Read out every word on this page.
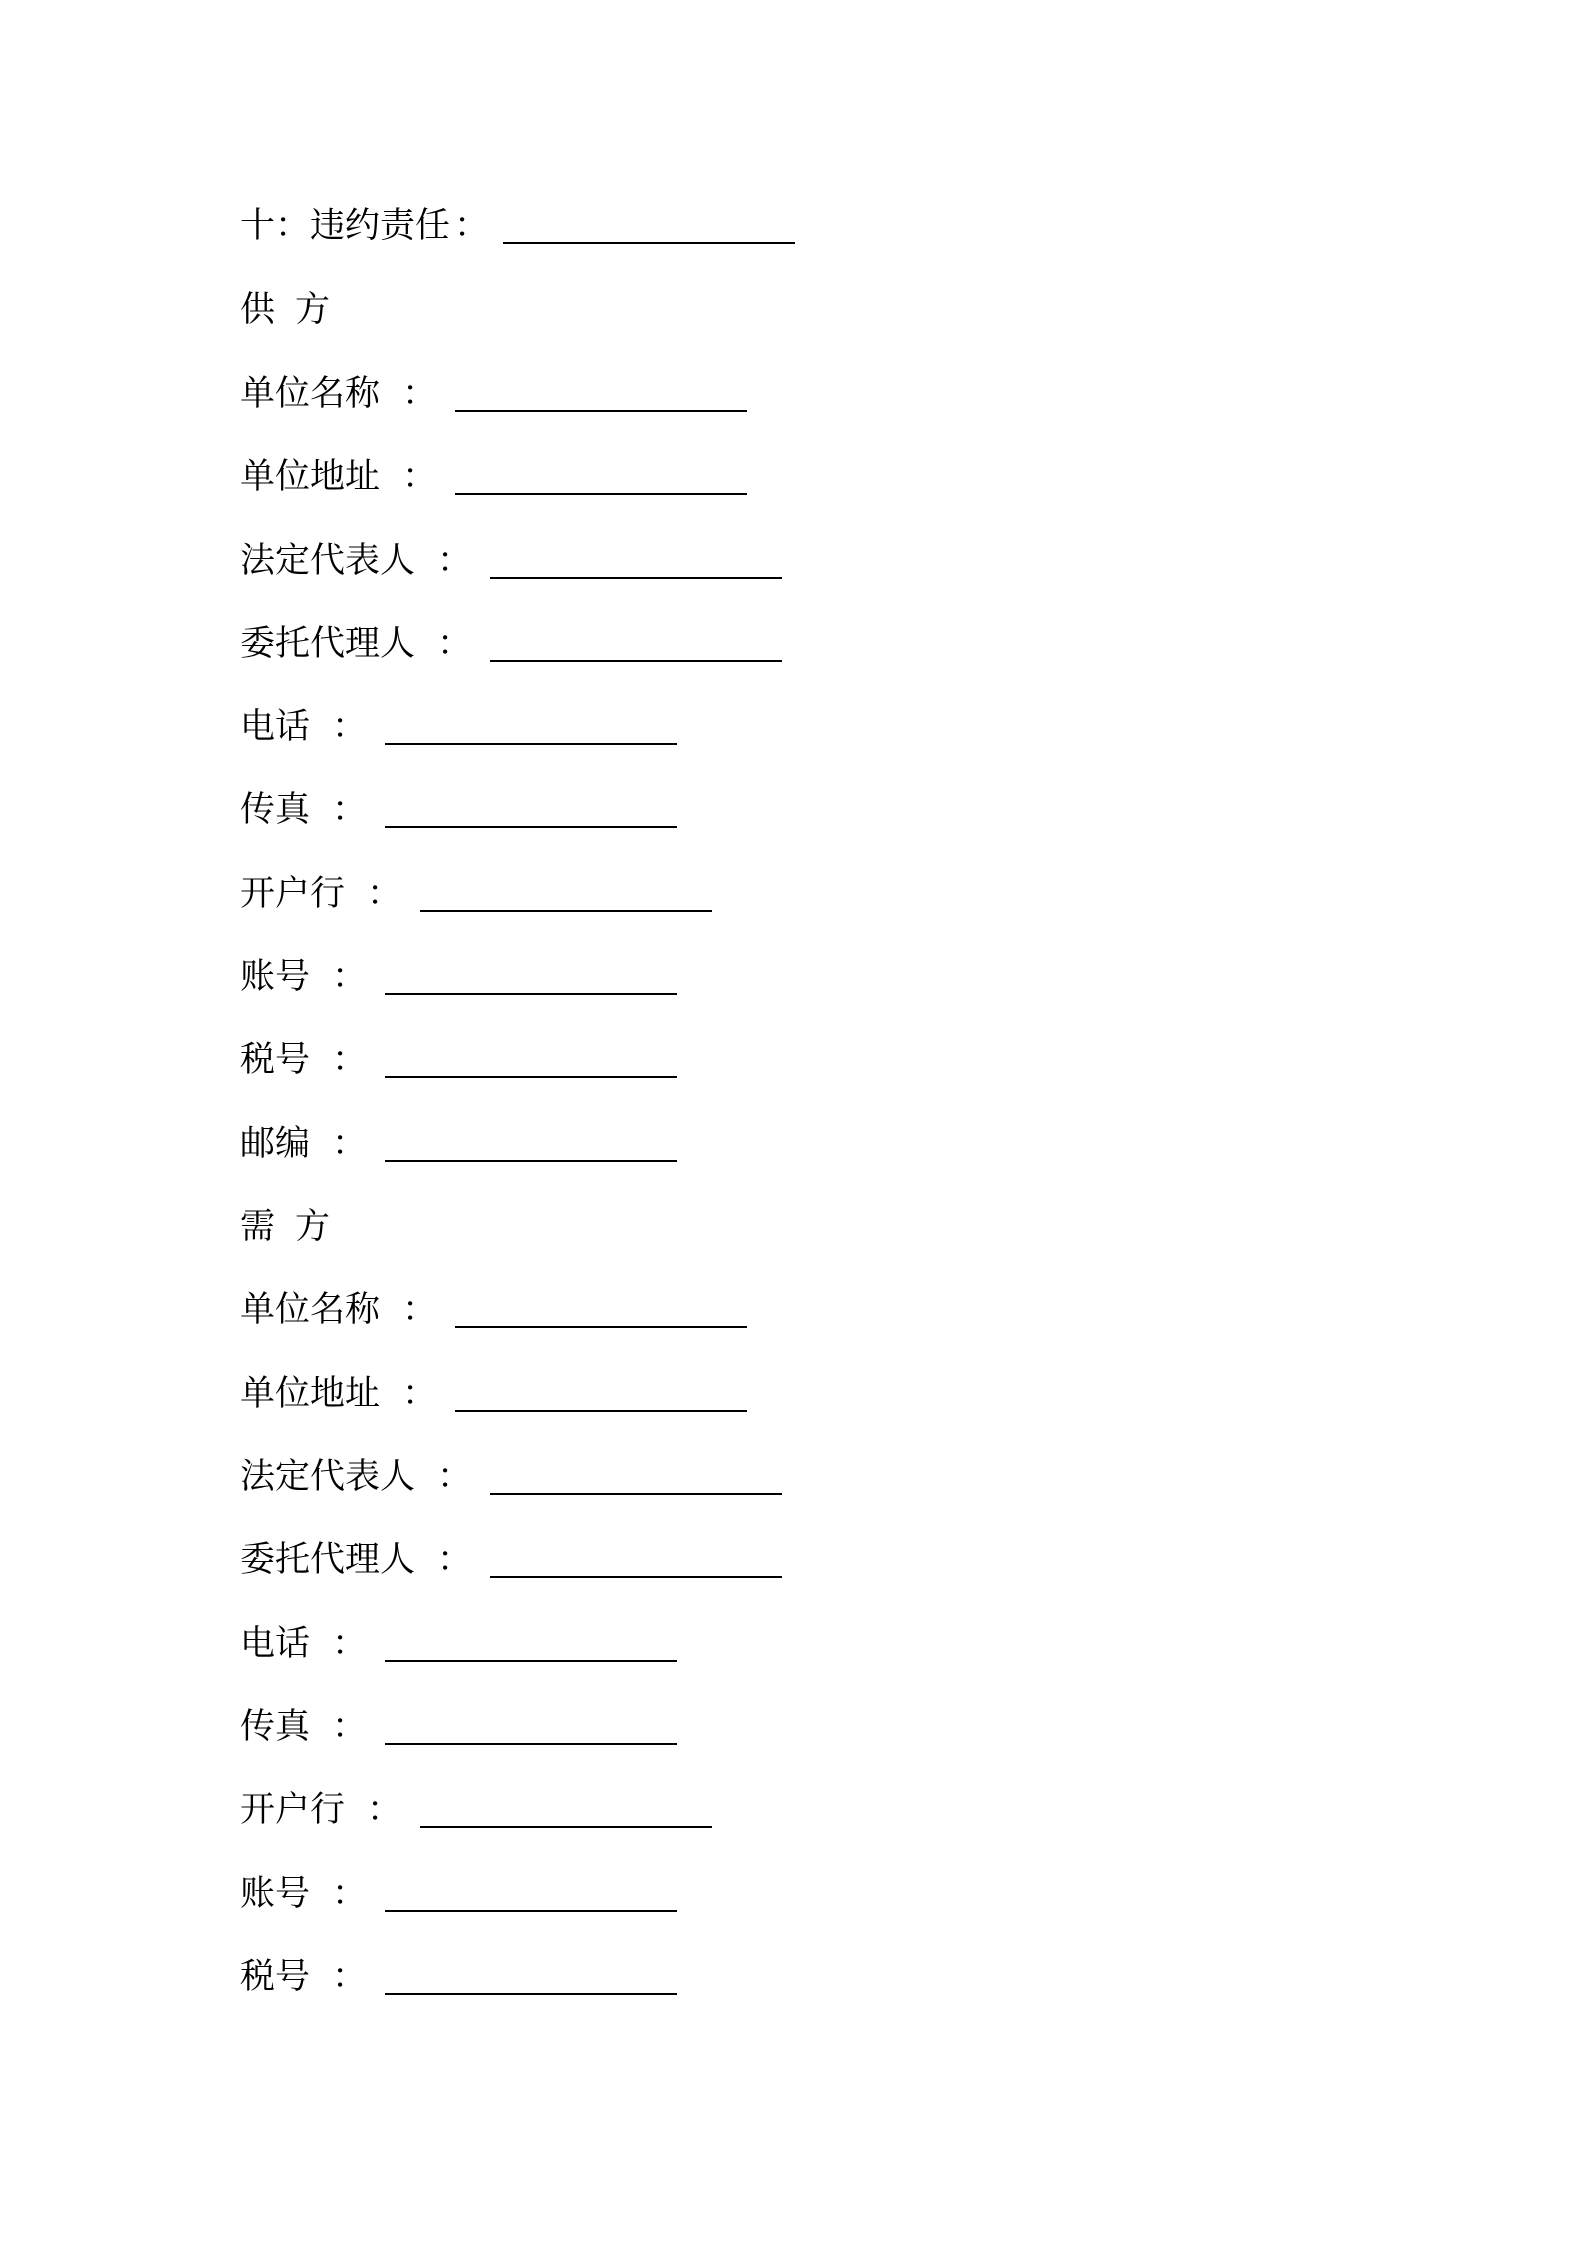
十：违约责任 ：
供方
单位名称 ：
单位地址 ：
法定代表人 ：
委托代理人 ：
电话 ：
传真 ：
开户行 ：
账号 ：
税号 ：
邮编 ：
需方
单位名称 ：
单位地址 ：
法定代表人 ：
委托代理人 ：
电话 ：
传真 ：
开户行 ：
账号 ：
税号 ：
